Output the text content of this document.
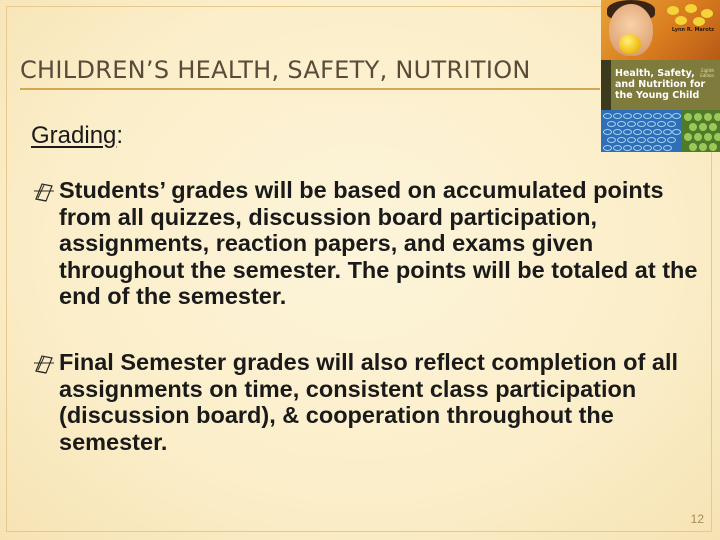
CHILDREN’S HEALTH, SAFETY, NUTRITION
Lynn R. Marotz
Health, Safety,
and Nutrition for
the Young Child
Eighth
Edition
Grading:
Students’ grades will be based on accumulated points from all quizzes, discussion board participation, assignments, reaction papers, and exams given throughout the semester. The points will be totaled at the end of the semester.
Final Semester grades will also reflect completion of all assignments on time, consistent class participation (discussion board), & cooperation throughout the semester.
12
